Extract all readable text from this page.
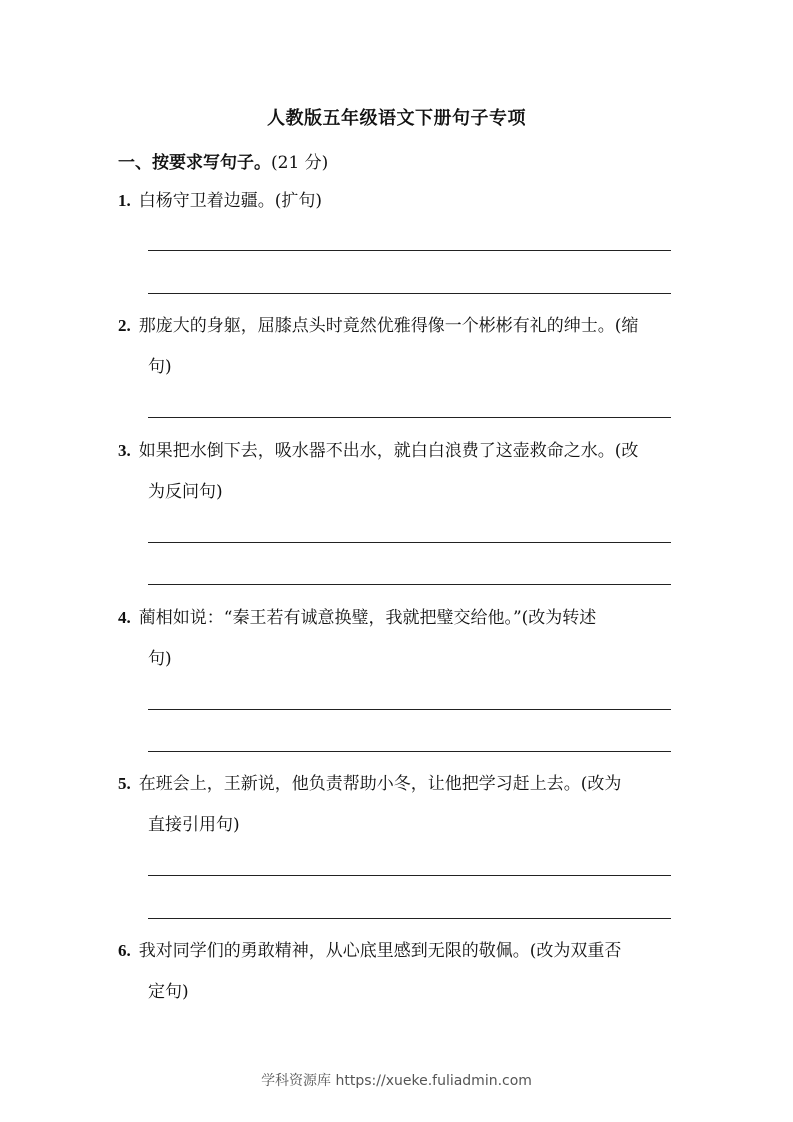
人教版五年级语文下册句子专项
一、按要求写句子。(21 分)
1. 白杨守卫着边疆。(扩句)
2. 那庞大的身躯，屈膝点头时竟然优雅得像一个彬彬有礼的绅士。(缩
句)
3. 如果把水倒下去，吸水器不出水，就白白浪费了这壶救命之水。(改
为反问句)
4. 蔺相如说：“秦王若有诚意换璧，我就把璧交给他。”(改为转述
句)
5. 在班会上，王新说，他负责帮助小冬，让他把学习赶上去。(改为
直接引用句)
6. 我对同学们的勇敢精神，从心底里感到无限的敬佩。(改为双重否
定句)
学科资源库 https://xueke.fuliadmin.com
